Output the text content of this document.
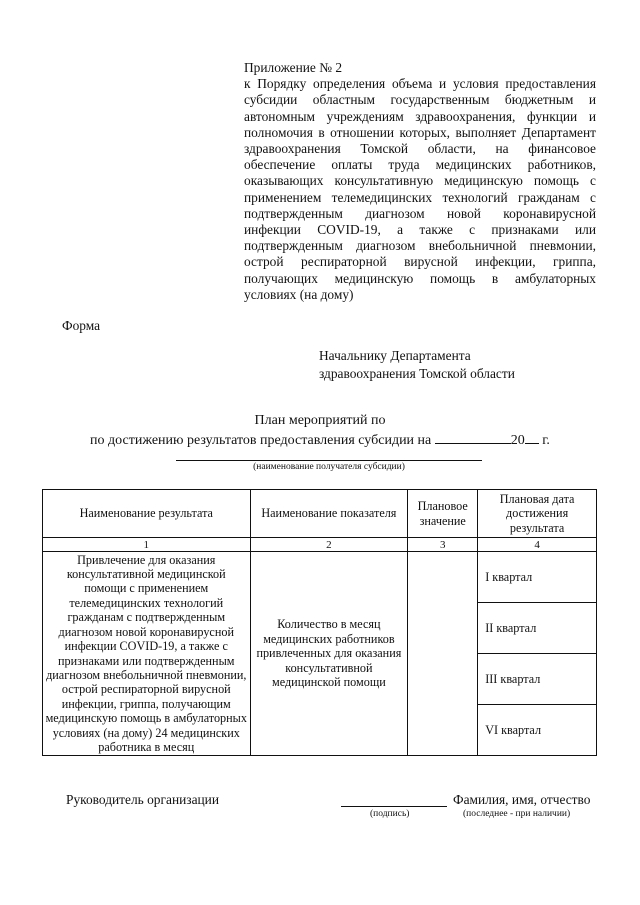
Приложение № 2
к Порядку определения объема и условия предоставления субсидии областным государственным бюджетным и автономным учреждениям здравоохранения, функции и полномочия в отношении которых, выполняет Департамент здравоохранения Томской области, на финансовое обеспечение оплаты труда медицинских работников, оказывающих консультативную медицинскую помощь с применением телемедицинских технологий гражданам с подтвержденным диагнозом новой коронавирусной инфекции COVID-19, а также с признаками или подтвержденным диагнозом внебольничной пневмонии, острой респираторной вирусной инфекции, гриппа, получающих медицинскую помощь в амбулаторных условиях (на дому)
Форма
Начальнику Департамента
здравоохранения Томской области
План мероприятий по
по достижению результатов предоставления субсидии на	20 г.
(наименование получателя субсидии)
Наименование результата	Наименование показателя	Плановое значение	Плановая дата достижения результата
1	2	3	4
Привлечение для оказания консультативной медицинской помощи с применением телемедицинских технологий гражданам с подтвержденным диагнозом новой коронавирусной инфекции COVID-19, а также с признаками или подтвержденным диагнозом внебольничной пневмонии, острой респираторной вирусной инфекции, гриппа, получающим медицинскую помощь в амбулаторных условиях (на дому) 24 медицинских работника в месяц	Количество в месяц медицинских работников привлеченных для оказания консультативной медицинской помощи		I квартал
			II квартал
			III квартал
			VI квартал
Руководитель организации	Фамилия, имя, отчество
(подпись)	(последнее - при наличии)
